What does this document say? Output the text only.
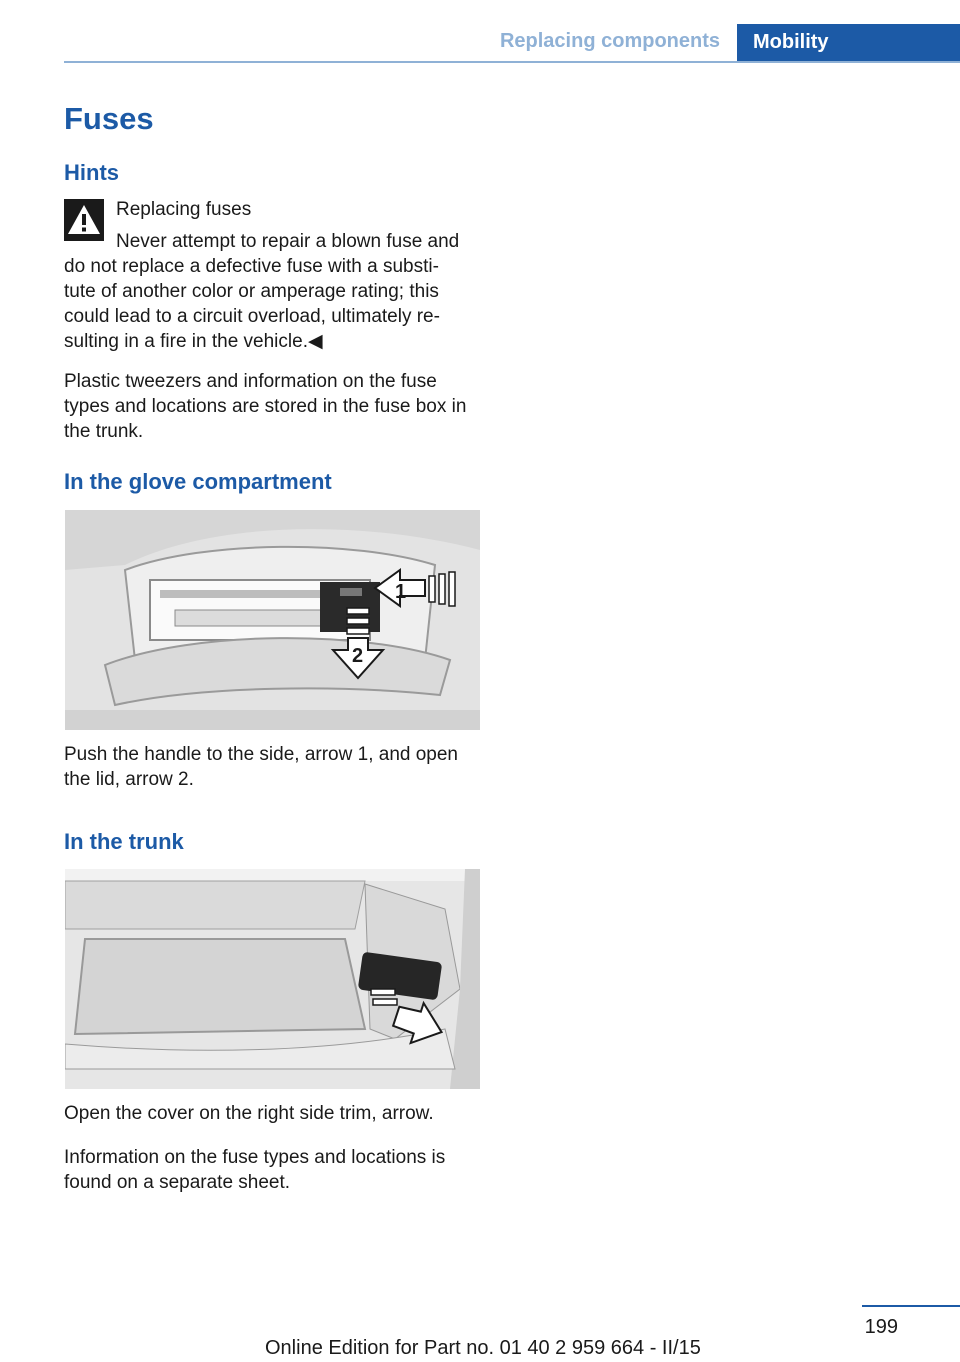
Replacing components	Mobility
Fuses
Hints

Replacing fuses

Never attempt to repair a blown fuse and

do not replace a defective fuse with a substi-
tute of another color or amperage rating; this
could lead to a circuit overload, ultimately re-
sulting in a fire in the vehicle.◀

Plastic tweezers and information on the fuse types and locations are stored in the fuse box in the trunk.

In the glove compartment
1
2

Push the handle to the side, arrow 1, and open the lid, arrow 2.

In the trunk

Open the cover on the right side trim, arrow.

Information on the fuse types and locations is found on a separate sheet.

199
Online Edition for Part no. 01 40 2 959 664 - II/15
